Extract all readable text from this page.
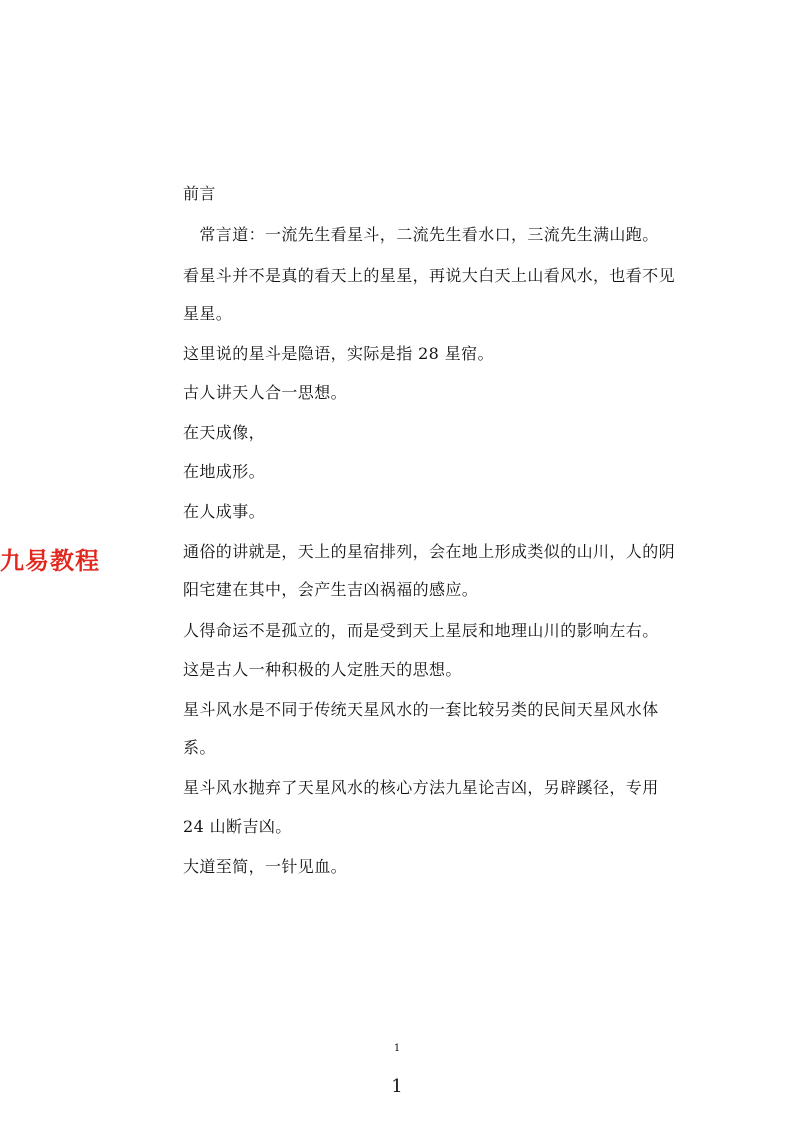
前言
　常言道：一流先生看星斗，二流先生看水口，三流先生满山跑。
看星斗并不是真的看天上的星星，再说大白天上山看风水，也看不见
星星。
这里说的星斗是隐语，实际是指 28 星宿。
古人讲天人合一思想。
在天成像，
在地成形。
在人成事。
通俗的讲就是，天上的星宿排列，会在地上形成类似的山川，人的阴
阳宅建在其中，会产生吉凶祸福的感应。
人得命运不是孤立的，而是受到天上星辰和地理山川的影响左右。
这是古人一种积极的人定胜天的思想。
星斗风水是不同于传统天星风水的一套比较另类的民间天星风水体
系。
星斗风水抛弃了天星风水的核心方法九星论吉凶，另辟蹊径，专用
24 山断吉凶。
大道至简，一针见血。
九易教程
1
1
